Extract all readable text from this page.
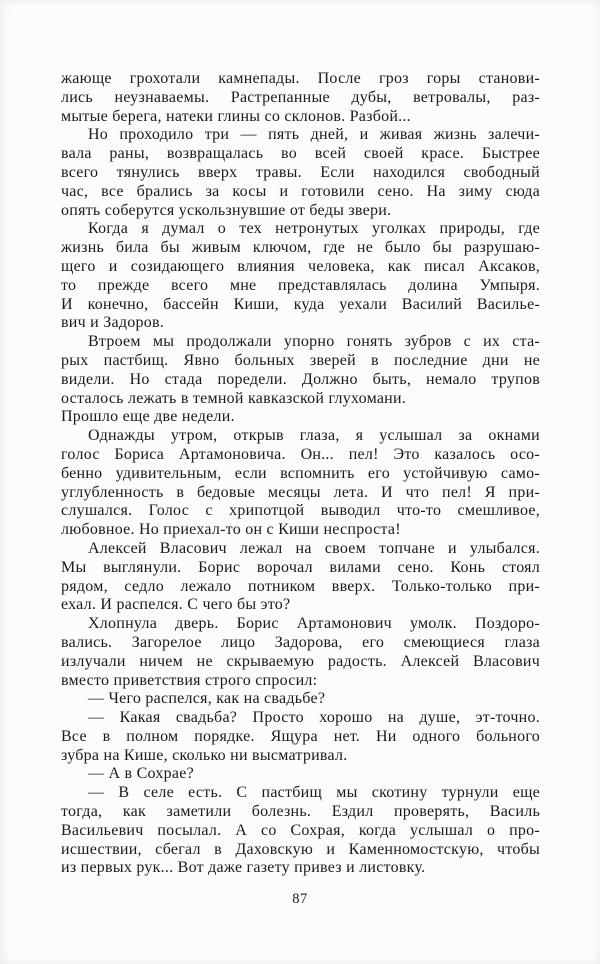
жающе грохотали камнепады. После гроз горы станови-
лись неузнаваемы. Растрепанные дубы, ветровалы, раз-
мытые берега, натеки глины со склонов. Разбой...
Но проходило три — пять дней, и живая жизнь залечи-
вала раны, возвращалась во всей своей красе. Быстрее
всего тянулись вверх травы. Если находился свободный
час, все брались за косы и готовили сено. На зиму сюда
опять соберутся ускользнувшие от беды звери.
Когда я думал о тех нетронутых уголках природы, где
жизнь била бы живым ключом, где не было бы разрушаю-
щего и созидающего влияния человека, как писал Аксаков,
то прежде всего мне представлялась долина Умпыря.
И конечно, бассейн Киши, куда уехали Василий Василье-
вич и Задоров.
Втроем мы продолжали упорно гонять зубров с их ста-
рых пастбищ. Явно больных зверей в последние дни не
видели. Но стада поредели. Должно быть, немало трупов
осталось лежать в темной кавказской глухомани.
Прошло еще две недели.
Однажды утром, открыв глаза, я услышал за окнами
голос Бориса Артамоновича. Он... пел! Это казалось осо-
бенно удивительным, если вспомнить его устойчивую само-
углубленность в бедовые месяцы лета. И что пел! Я при-
слушался. Голос с хрипотцой выводил что-то смешливое,
любовное. Но приехал-то он с Киши неспроста!
Алексей Власович лежал на своем топчане и улыбался.
Мы выглянули. Борис ворочал вилами сено. Конь стоял
рядом, седло лежало потником вверх. Только-только при-
ехал. И распелся. С чего бы это?
Хлопнула дверь. Борис Артамонович умолк. Поздоро-
вались. Загорелое лицо Задорова, его смеющиеся глаза
излучали ничем не скрываемую радость. Алексей Власович
вместо приветствия строго спросил:
— Чего распелся, как на свадьбе?
— Какая свадьба? Просто хорошо на душе, эт-точно.
Все в полном порядке. Ящура нет. Ни одного больного
зубра на Кише, сколько ни высматривал.
— А в Сохрае?
— В селе есть. С пастбищ мы скотину турнули еще
тогда, как заметили болезнь. Ездил проверять, Василь
Васильевич посылал. А со Сохрая, когда услышал о про-
исшествии, сбегал в Даховскую и Каменномостскую, чтобы
из первых рук... Вот даже газету привез и листовку.
87
